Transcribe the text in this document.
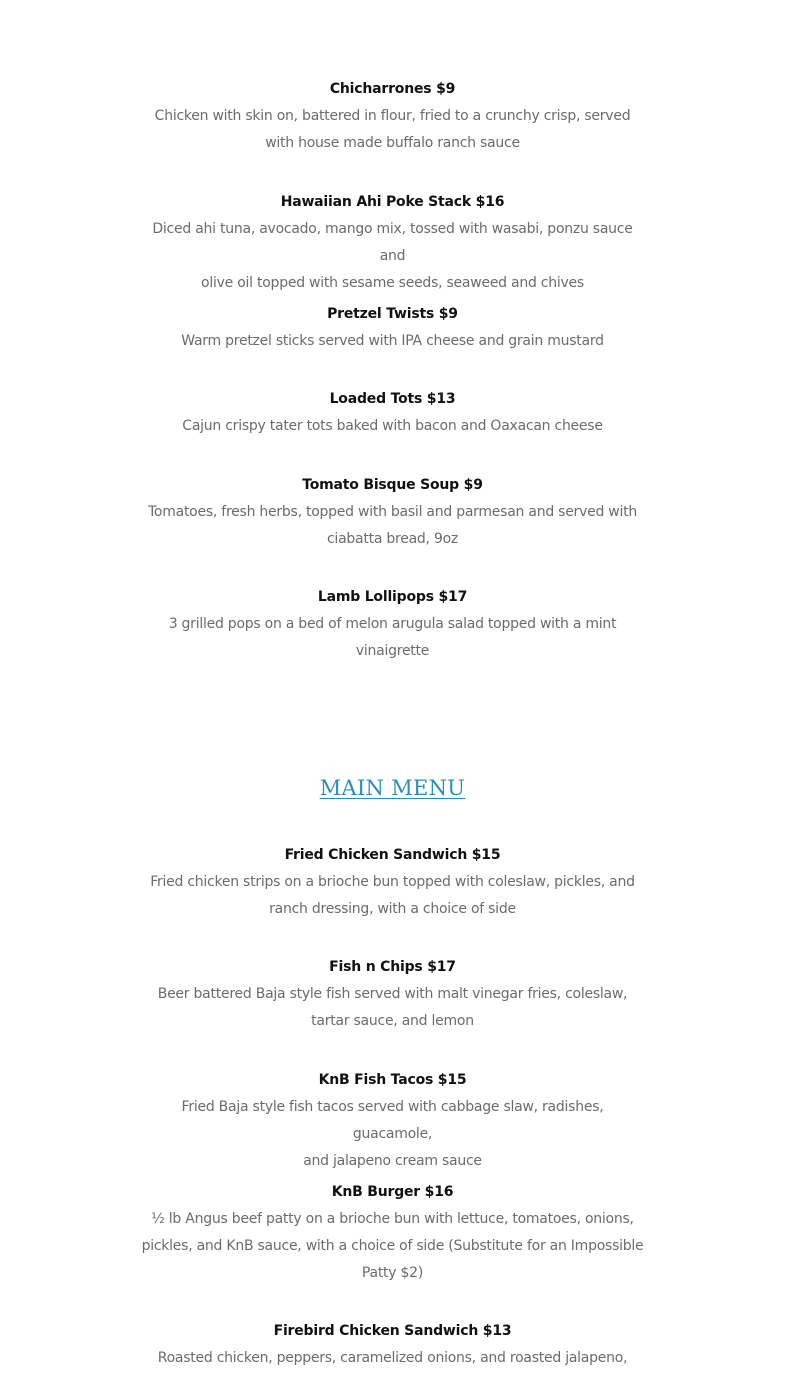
Chicharrones $9
Chicken with skin on, battered in flour, fried to a crunchy crisp, served
with house made buffalo ranch sauce
Hawaiian Ahi Poke Stack $16
Diced ahi tuna, avocado, mango mix, tossed with wasabi, ponzu sauce and
olive oil topped with sesame seeds, seaweed and chives
Pretzel Twists $9
Warm pretzel sticks served with IPA cheese and grain mustard
Loaded Tots $13
Cajun crispy tater tots baked with bacon and Oaxacan cheese
Tomato Bisque Soup $9
Tomatoes, fresh herbs, topped with basil and parmesan and served with
ciabatta bread, 9oz
Lamb Lollipops $17
3 grilled pops on a bed of melon arugula salad topped with a mint
vinaigrette
MAIN MENU
Fried Chicken Sandwich $15
Fried chicken strips on a brioche bun topped with coleslaw, pickles, and
ranch dressing, with a choice of side
Fish n Chips $17
Beer battered Baja style fish served with malt vinegar fries, coleslaw,
tartar sauce, and lemon
KnB Fish Tacos $15
Fried Baja style fish tacos served with cabbage slaw, radishes, guacamole,
and jalapeno cream sauce
KnB Burger $16
½ lb Angus beef patty on a brioche bun with lettuce, tomatoes, onions,
pickles, and KnB sauce, with a choice of side (Substitute for an Impossible
Patty $2)
Firebird Chicken Sandwich $13
Roasted chicken, peppers, caramelized onions, and roasted jalapeno,
